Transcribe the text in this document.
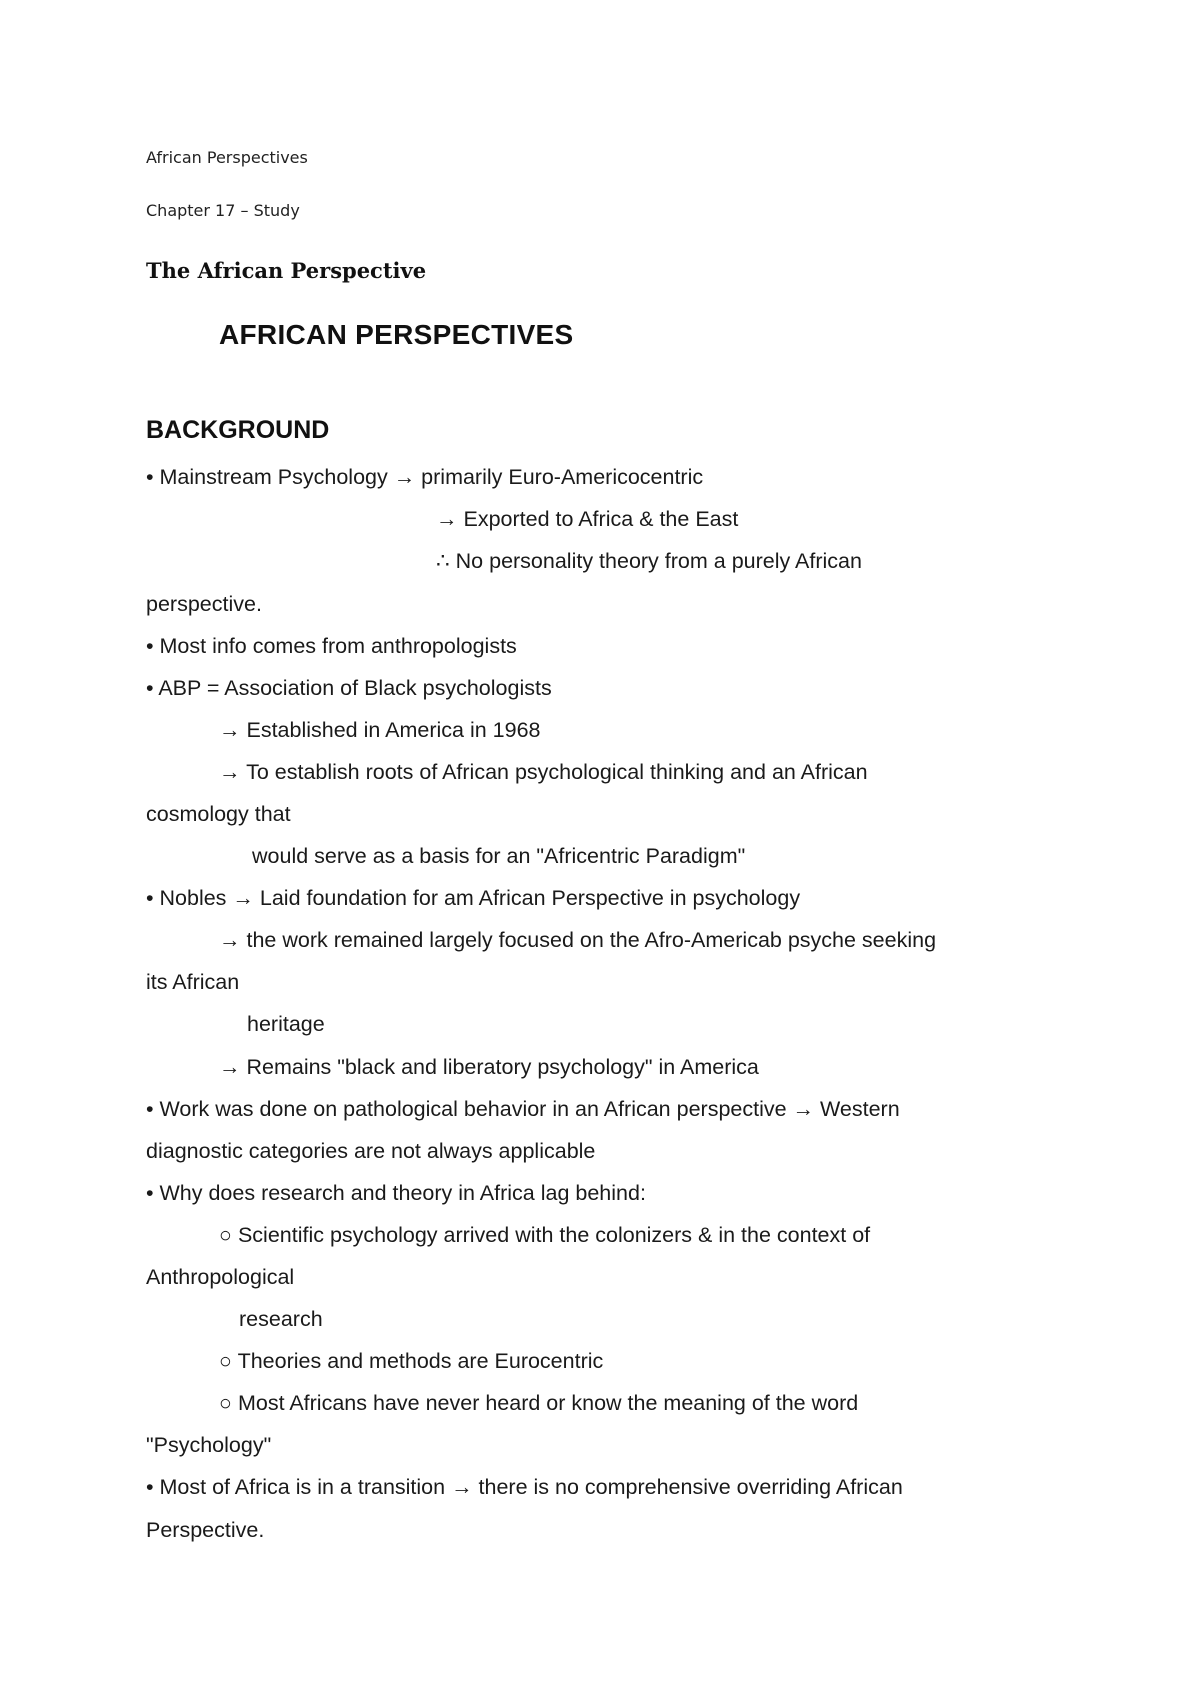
African Perspectives
Chapter 17 – Study
The African Perspective
AFRICAN PERSPECTIVES
BACKGROUND
• Mainstream Psychology → primarily Euro-Americocentric
→ Exported to Africa & the East
∴ No personality theory from a purely African
perspective.
• Most info comes from anthropologists
• ABP = Association of Black psychologists
→ Established in America in 1968
→ To establish roots of African psychological thinking and an African
cosmology that
would serve as a basis for an "Africentric Paradigm"
• Nobles → Laid foundation for am African Perspective in psychology
→ the work remained largely focused on the Afro-Americab psyche seeking
its African
heritage
→ Remains "black and liberatory psychology" in America
• Work was done on pathological behavior in an African perspective → Western
diagnostic categories are not always applicable
• Why does research and theory in Africa lag behind:
○ Scientific psychology arrived with the colonizers & in the context of
Anthropological
research
○ Theories and methods are Eurocentric
○ Most Africans have never heard or know the meaning of the word
"Psychology"
• Most of Africa is in a transition → there is no comprehensive overriding African
Perspective.
